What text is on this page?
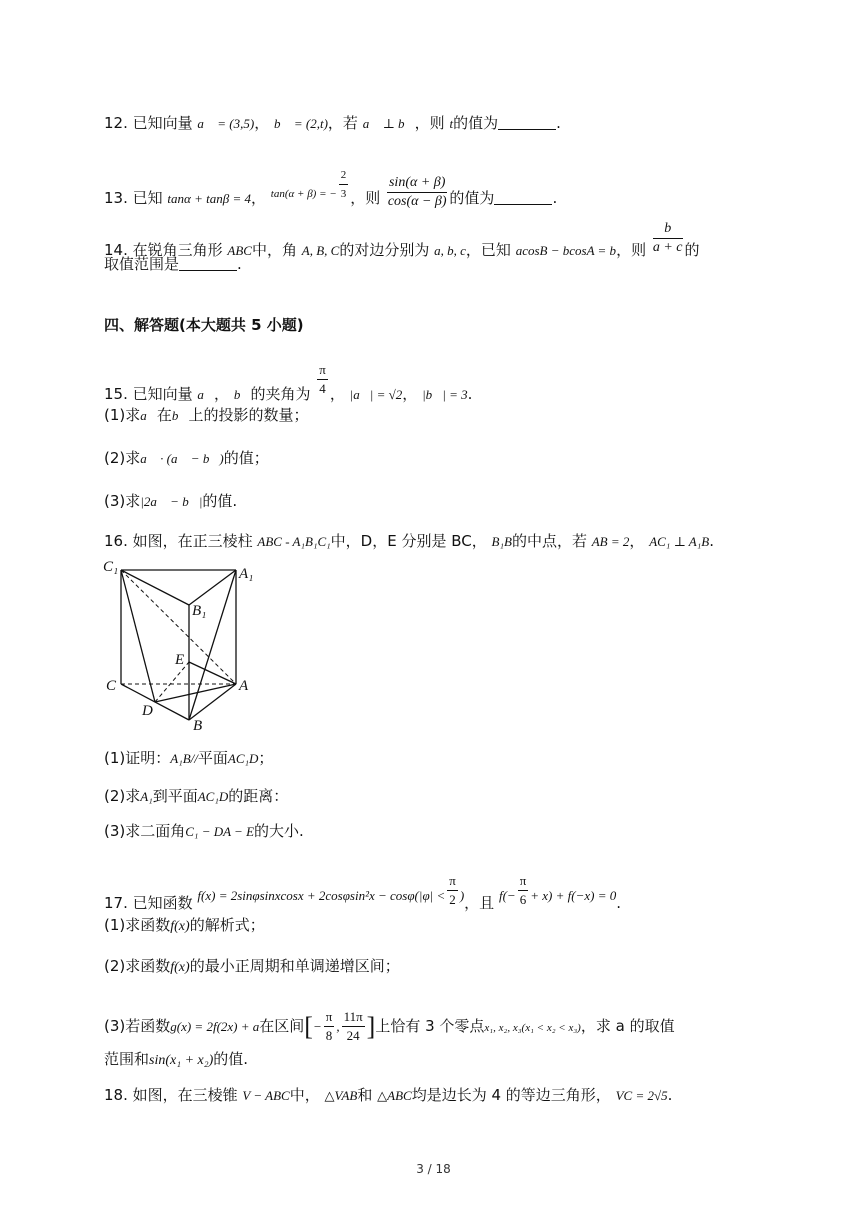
12. 已知向量 a⃗ = (3,5)， b⃗ = (2,t)，若 a⃗ ⊥ b⃗，则 t的值为	.
13. 已知 tanα + tanβ = 4， $^{tan(\alpha + \beta) = -} \frac{2}{3}$ ，则 $\frac{\sin(\alpha + \beta)}{\cos(\alpha - \beta)}$ 的值为	.
14. 在锐角三角形 ABC中，角 A, B, C的对边分别为 a, b, c，已知 acosB − bcosA = b，则 $\frac{b}{a + c}$ 的
取值范围是	.
四、解答题(本大题共 5 小题)
15. 已知向量 a⃗， b⃗的夹角为 $\frac{\pi}{4}$ ， |a⃗| = √2， |b⃗| = 3.
(1)求a⃗在b⃗上的投影的数量；
(2)求a⃗ · (a⃗ − b⃗)的值；
(3)求|2a⃗ − b⃗|的值.
16. 如图，在正三棱柱 ABC - A₁B₁C₁中，D，E 分别是 BC， B₁B的中点，若 AB = 2， AC₁ ⊥ A₁B.
C₁	A₁
B₁
E
C	A
D
B
(1)证明：A₁B//平面AC₁D；
(2)求A₁到平面AC₁D的距离：
(3)求二面角C₁ − DA − E的大小.
17. 已知函数 f(x) = 2sinφsinxcosx + $2\cos\varphi\sin^2x - \cos\varphi(|\varphi| < \frac{\pi}{2}$ )，且 $f(- \frac{\pi}{6} + x) + f(-x) = 0$.
(1)求函数f(x)的解析式；
(2)求函数f(x)的最小正周期和单调递增区间；
(3)若函数g(x) = 2f(2x) + a在区间[− $\frac{\pi}{8}$ , $\frac{11\pi}{24}$ ]上恰有 3 个零点x₁, x₂, x₃(x₁ < x₂ < x₃)，求 a 的取值
范围和sin(x₁ + x₂)的值.
18. 如图，在三棱锥 V − ABC中， △VAB和 △ABC均是边长为 4 的等边三角形， VC = 2√5.
3 / 18
